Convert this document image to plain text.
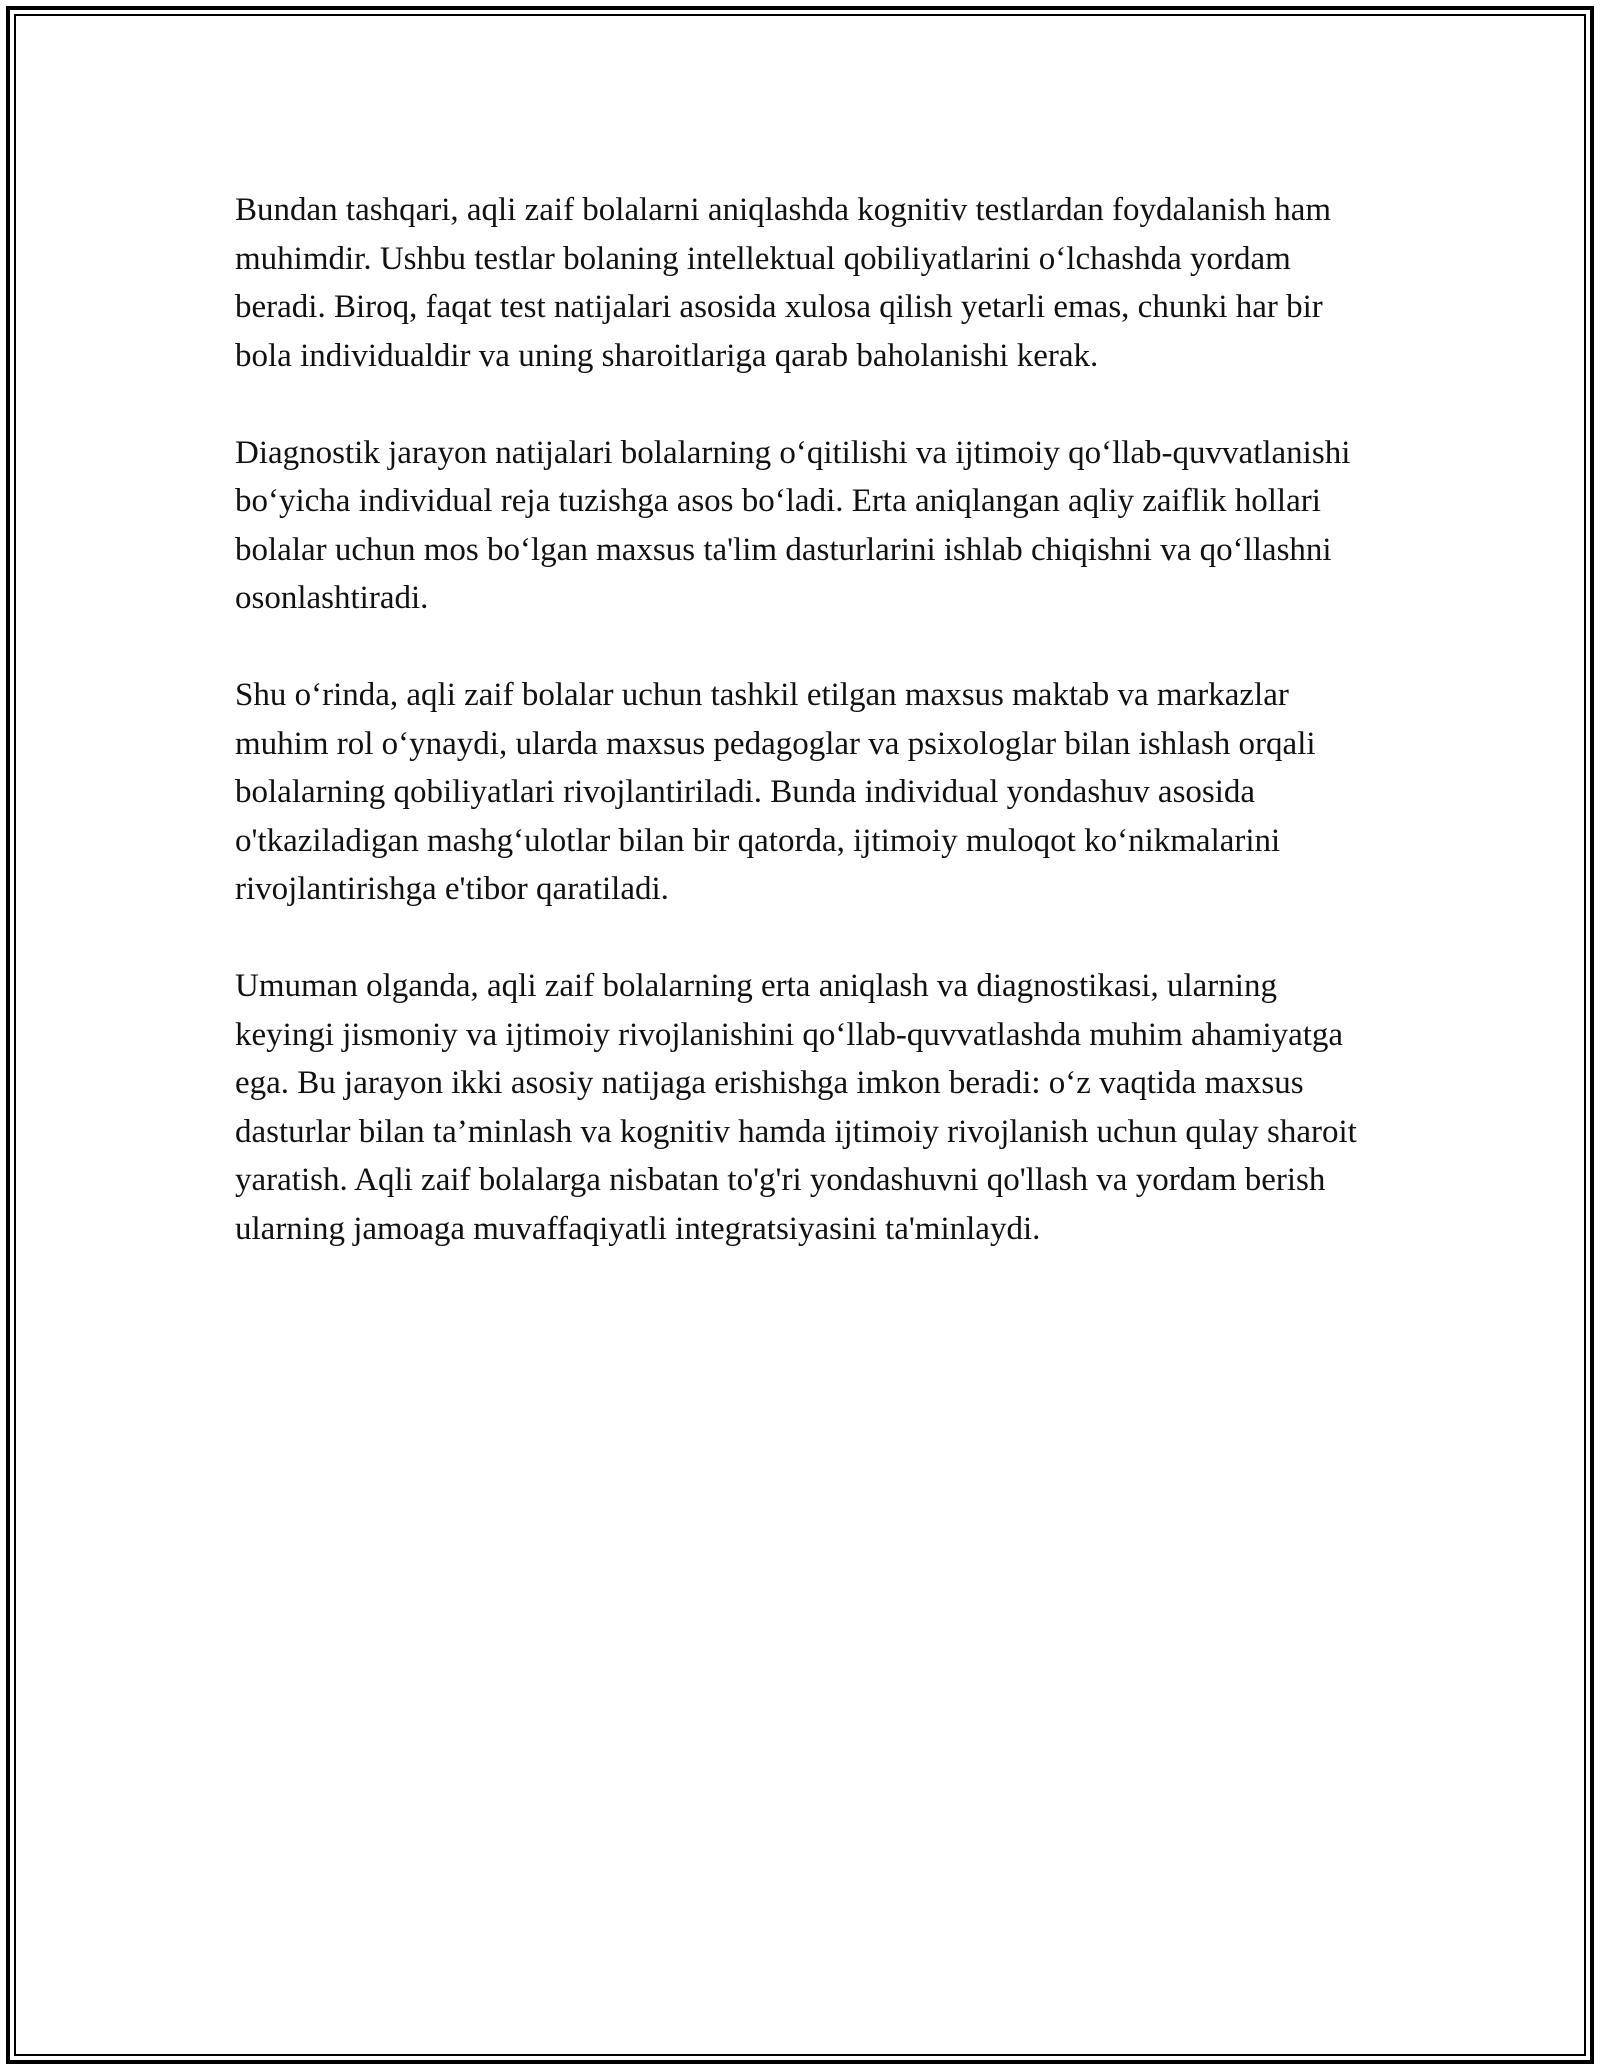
Bundan tashqari, aqli zaif bolalarni aniqlashda kognitiv testlardan foydalanish ham muhimdir. Ushbu testlar bolaning intellektual qobiliyatlarini o‘lchashda yordam beradi. Biroq, faqat test natijalari asosida xulosa qilish yetarli emas, chunki har bir bola individualdir va uning sharoitlariga qarab baholanishi kerak.

Diagnostik jarayon natijalari bolalarning o‘qitilishi va ijtimoiy qo‘llab-quvvatlanishi bo‘yicha individual reja tuzishga asos bo‘ladi. Erta aniqlangan aqliy zaiflik hollari bolalar uchun mos bo‘lgan maxsus ta'lim dasturlarini ishlab chiqishni va qo‘llashni osonlashtiradi.

Shu o‘rinda, aqli zaif bolalar uchun tashkil etilgan maxsus maktab va markazlar muhim rol o‘ynaydi, ularda maxsus pedagoglar va psixologlar bilan ishlash orqali bolalarning qobiliyatlari rivojlantiriladi. Bunda individual yondashuv asosida o'tkaziladigan mashg‘ulotlar bilan bir qatorda, ijtimoiy muloqot ko‘nikmalarini rivojlantirishga e'tibor qaratiladi.

Umuman olganda, aqli zaif bolalarning erta aniqlash va diagnostikasi, ularning keyingi jismoniy va ijtimoiy rivojlanishini qo‘llab-quvvatlashda muhim ahamiyatga ega. Bu jarayon ikki asosiy natijaga erishishga imkon beradi: o‘z vaqtida maxsus dasturlar bilan ta’minlash va kognitiv hamda ijtimoiy rivojlanish uchun qulay sharoit yaratish. Aqli zaif bolalarga nisbatan to'g'ri yondashuvni qo'llash va yordam berish ularning jamoaga muvaffaqiyatli integratsiyasini ta'minlaydi.
